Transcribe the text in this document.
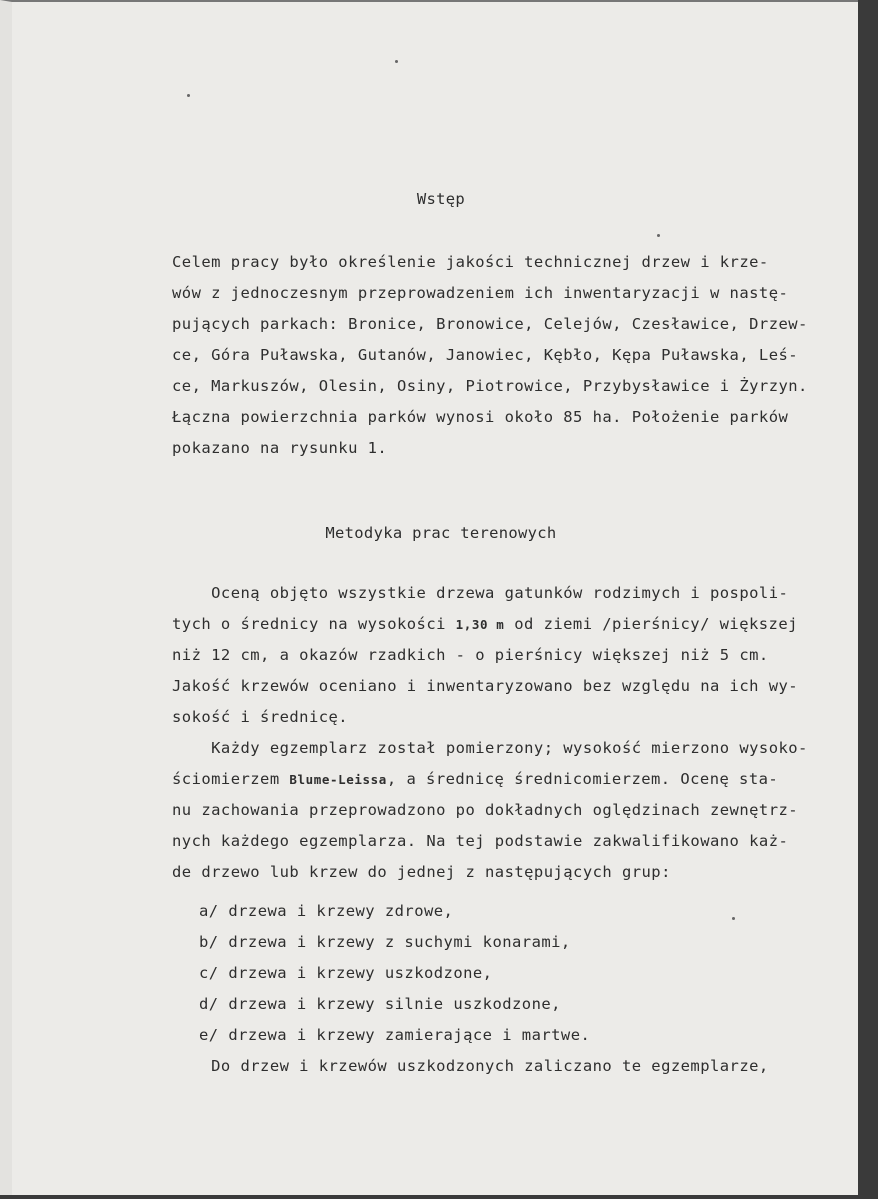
Wstęp
Celem pracy było określenie jakości technicznej drzew i krze-
wów z jednoczesnym przeprowadzeniem ich inwentaryzacji w nastę-
pujących parkach: Bronice, Bronowice, Celejów, Czesławice, Drzew-
ce, Góra Puławska, Gutanów, Janowiec, Kębło, Kępa Puławska, Leś-
ce, Markuszów, Olesin, Osiny, Piotrowice, Przybysławice i Żyrzyn.
Łączna powierzchnia parków wynosi około 85 ha. Położenie parków
pokazano na rysunku 1.
Metodyka prac terenowych
Oceną objęto wszystkie drzewa gatunków rodzimych i pospoli-
tych o średnicy na wysokości 1,30 m od ziemi /pierśnicy/ większej
niż 12 cm, a okazów rzadkich - o pierśnicy większej niż 5 cm.
Jakość krzewów oceniano i inwentaryzowano bez względu na ich wy-
sokość i średnicę.
Każdy egzemplarz został pomierzony; wysokość mierzono wysoko-
ściomierzem Blume-Leissa, a średnicę średnicomierzem. Ocenę sta-
nu zachowania przeprowadzono po dokładnych oględzinach zewnętrz-
nych każdego egzemplarza. Na tej podstawie zakwalifikowano każ-
de drzewo lub krzew do jednej z następujących grup:
a/ drzewa i krzewy zdrowe,
b/ drzewa i krzewy z suchymi konarami,
c/ drzewa i krzewy uszkodzone,
d/ drzewa i krzewy silnie uszkodzone,
e/ drzewa i krzewy zamierające i martwe.
Do drzew i krzewów uszkodzonych zaliczano te egzemplarze,
